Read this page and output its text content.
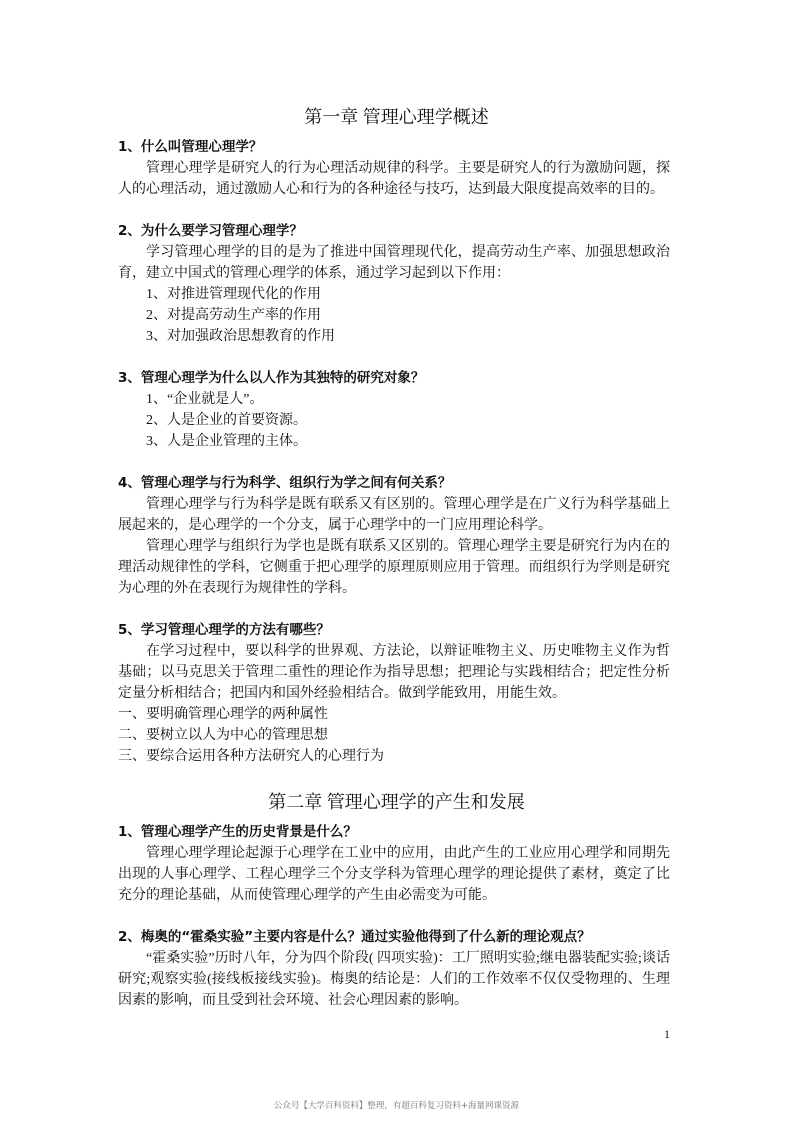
第一章 管理心理学概述
1、什么叫管理心理学？
管理心理学是研究人的行为心理活动规律的科学。主要是研究人的行为激励问题，探
人的心理活动，通过激励人心和行为的各种途径与技巧，达到最大限度提高效率的目的。
2、为什么要学习管理心理学？
学习管理心理学的目的是为了推进中国管理现代化，提高劳动生产率、加强思想政治
育，建立中国式的管理心理学的体系，通过学习起到以下作用：
1、对推进管理现代化的作用
2、对提高劳动生产率的作用
3、对加强政治思想教育的作用
3、管理心理学为什么以人作为其独特的研究对象？
1、“企业就是人”。
2、人是企业的首要资源。
3、人是企业管理的主体。
4、管理心理学与行为科学、组织行为学之间有何关系？
管理心理学与行为科学是既有联系又有区别的。管理心理学是在广义行为科学基础上
展起来的，是心理学的一个分支，属于心理学中的一门应用理论科学。
管理心理学与组织行为学也是既有联系又区别的。管理心理学主要是研究行为内在的
理活动规律性的学科，它侧重于把心理学的原理原则应用于管理。而组织行为学则是研究
为心理的外在表现行为规律性的学科。
5、学习管理心理学的方法有哪些？
在学习过程中，要以科学的世界观、方法论，以辩证唯物主义、历史唯物主义作为哲
基础；以马克思关于管理二重性的理论作为指导思想；把理论与实践相结合；把定性分析
定量分析相结合；把国内和国外经验相结合。做到学能致用，用能生效。
一、要明确管理心理学的两种属性
二、要树立以人为中心的管理思想
三、要综合运用各种方法研究人的心理行为
第二章 管理心理学的产生和发展
1、管理心理学产生的历史背景是什么？
管理心理学理论起源于心理学在工业中的应用，由此产生的工业应用心理学和同期先
出现的人事心理学、工程心理学三个分支学科为管理心理学的理论提供了素材，奠定了比
充分的理论基础，从而使管理心理学的产生由必需变为可能。
2、梅奥的“霍桑实验”主要内容是什么？通过实验他得到了什么新的理论观点？
“霍桑实验”历时八年，分为四个阶段( 四项实验)：工厂照明实验;继电器装配实验;谈话
研究;观察实验(接线板接线实验)。梅奥的结论是：人们的工作效率不仅仅受物理的、生理
因素的影响，而且受到社会环境、社会心理因素的影响。
1
公众号【大学百科资料】整理，有超百科复习资料+海量网课资源
